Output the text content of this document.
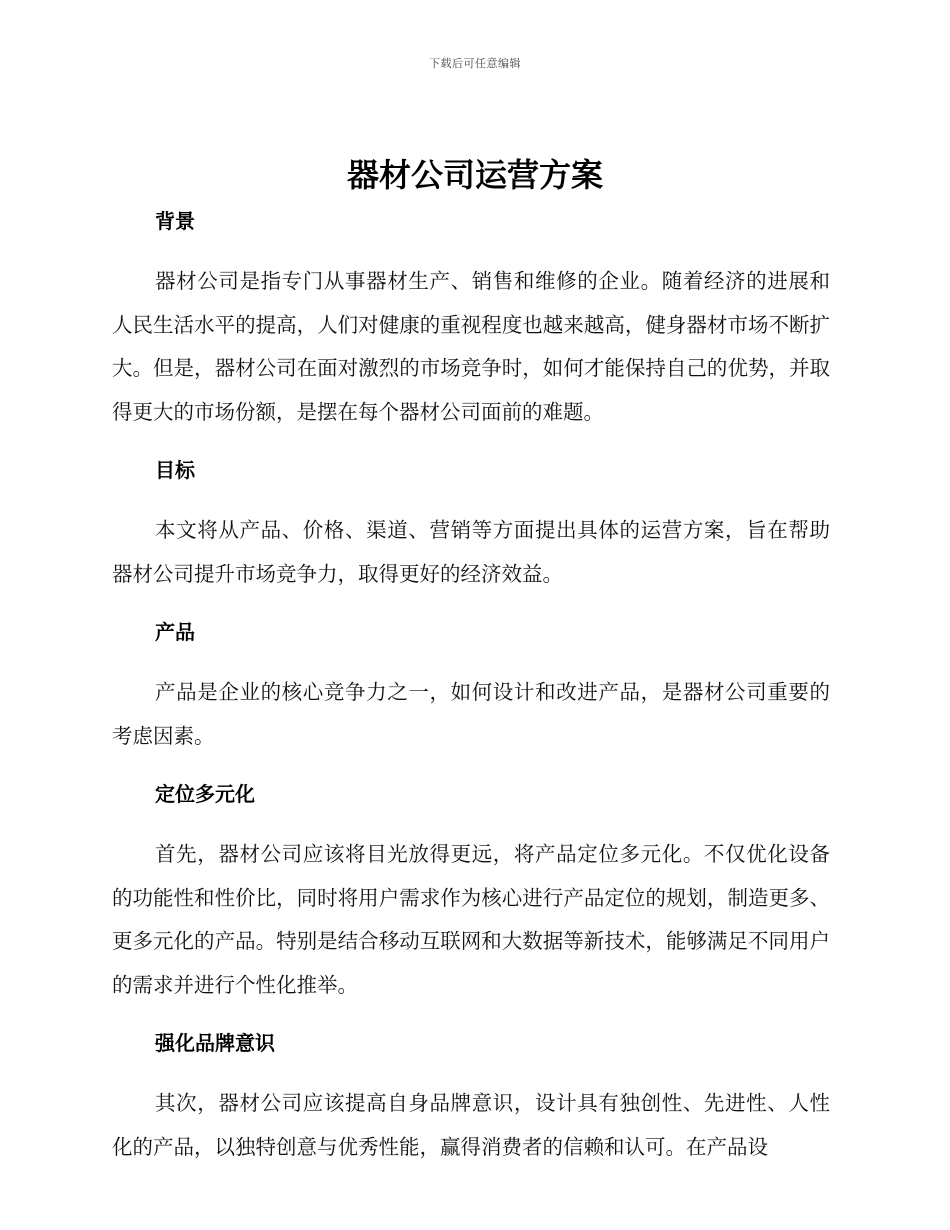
下载后可任意编辑
器材公司运营方案
背景

器材公司是指专门从事器材生产、销售和维修的企业。随着经济的进展和人民生活水平的提高，人们对健康的重视程度也越来越高，健身器材市场不断扩大。但是，器材公司在面对激烈的市场竞争时，如何才能保持自己的优势，并取得更大的市场份额，是摆在每个器材公司面前的难题。

目标

本文将从产品、价格、渠道、营销等方面提出具体的运营方案，旨在帮助器材公司提升市场竞争力，取得更好的经济效益。

产品

产品是企业的核心竞争力之一，如何设计和改进产品，是器材公司重要的考虑因素。

定位多元化

首先，器材公司应该将目光放得更远，将产品定位多元化。不仅优化设备的功能性和性价比，同时将用户需求作为核心进行产品定位的规划，制造更多、更多元化的产品。特别是结合移动互联网和大数据等新技术，能够满足不同用户的需求并进行个性化推举。

强化品牌意识

其次，器材公司应该提高自身品牌意识，设计具有独创性、先进性、人性化的产品，以独特创意与优秀性能，赢得消费者的信赖和认可。在产品设
